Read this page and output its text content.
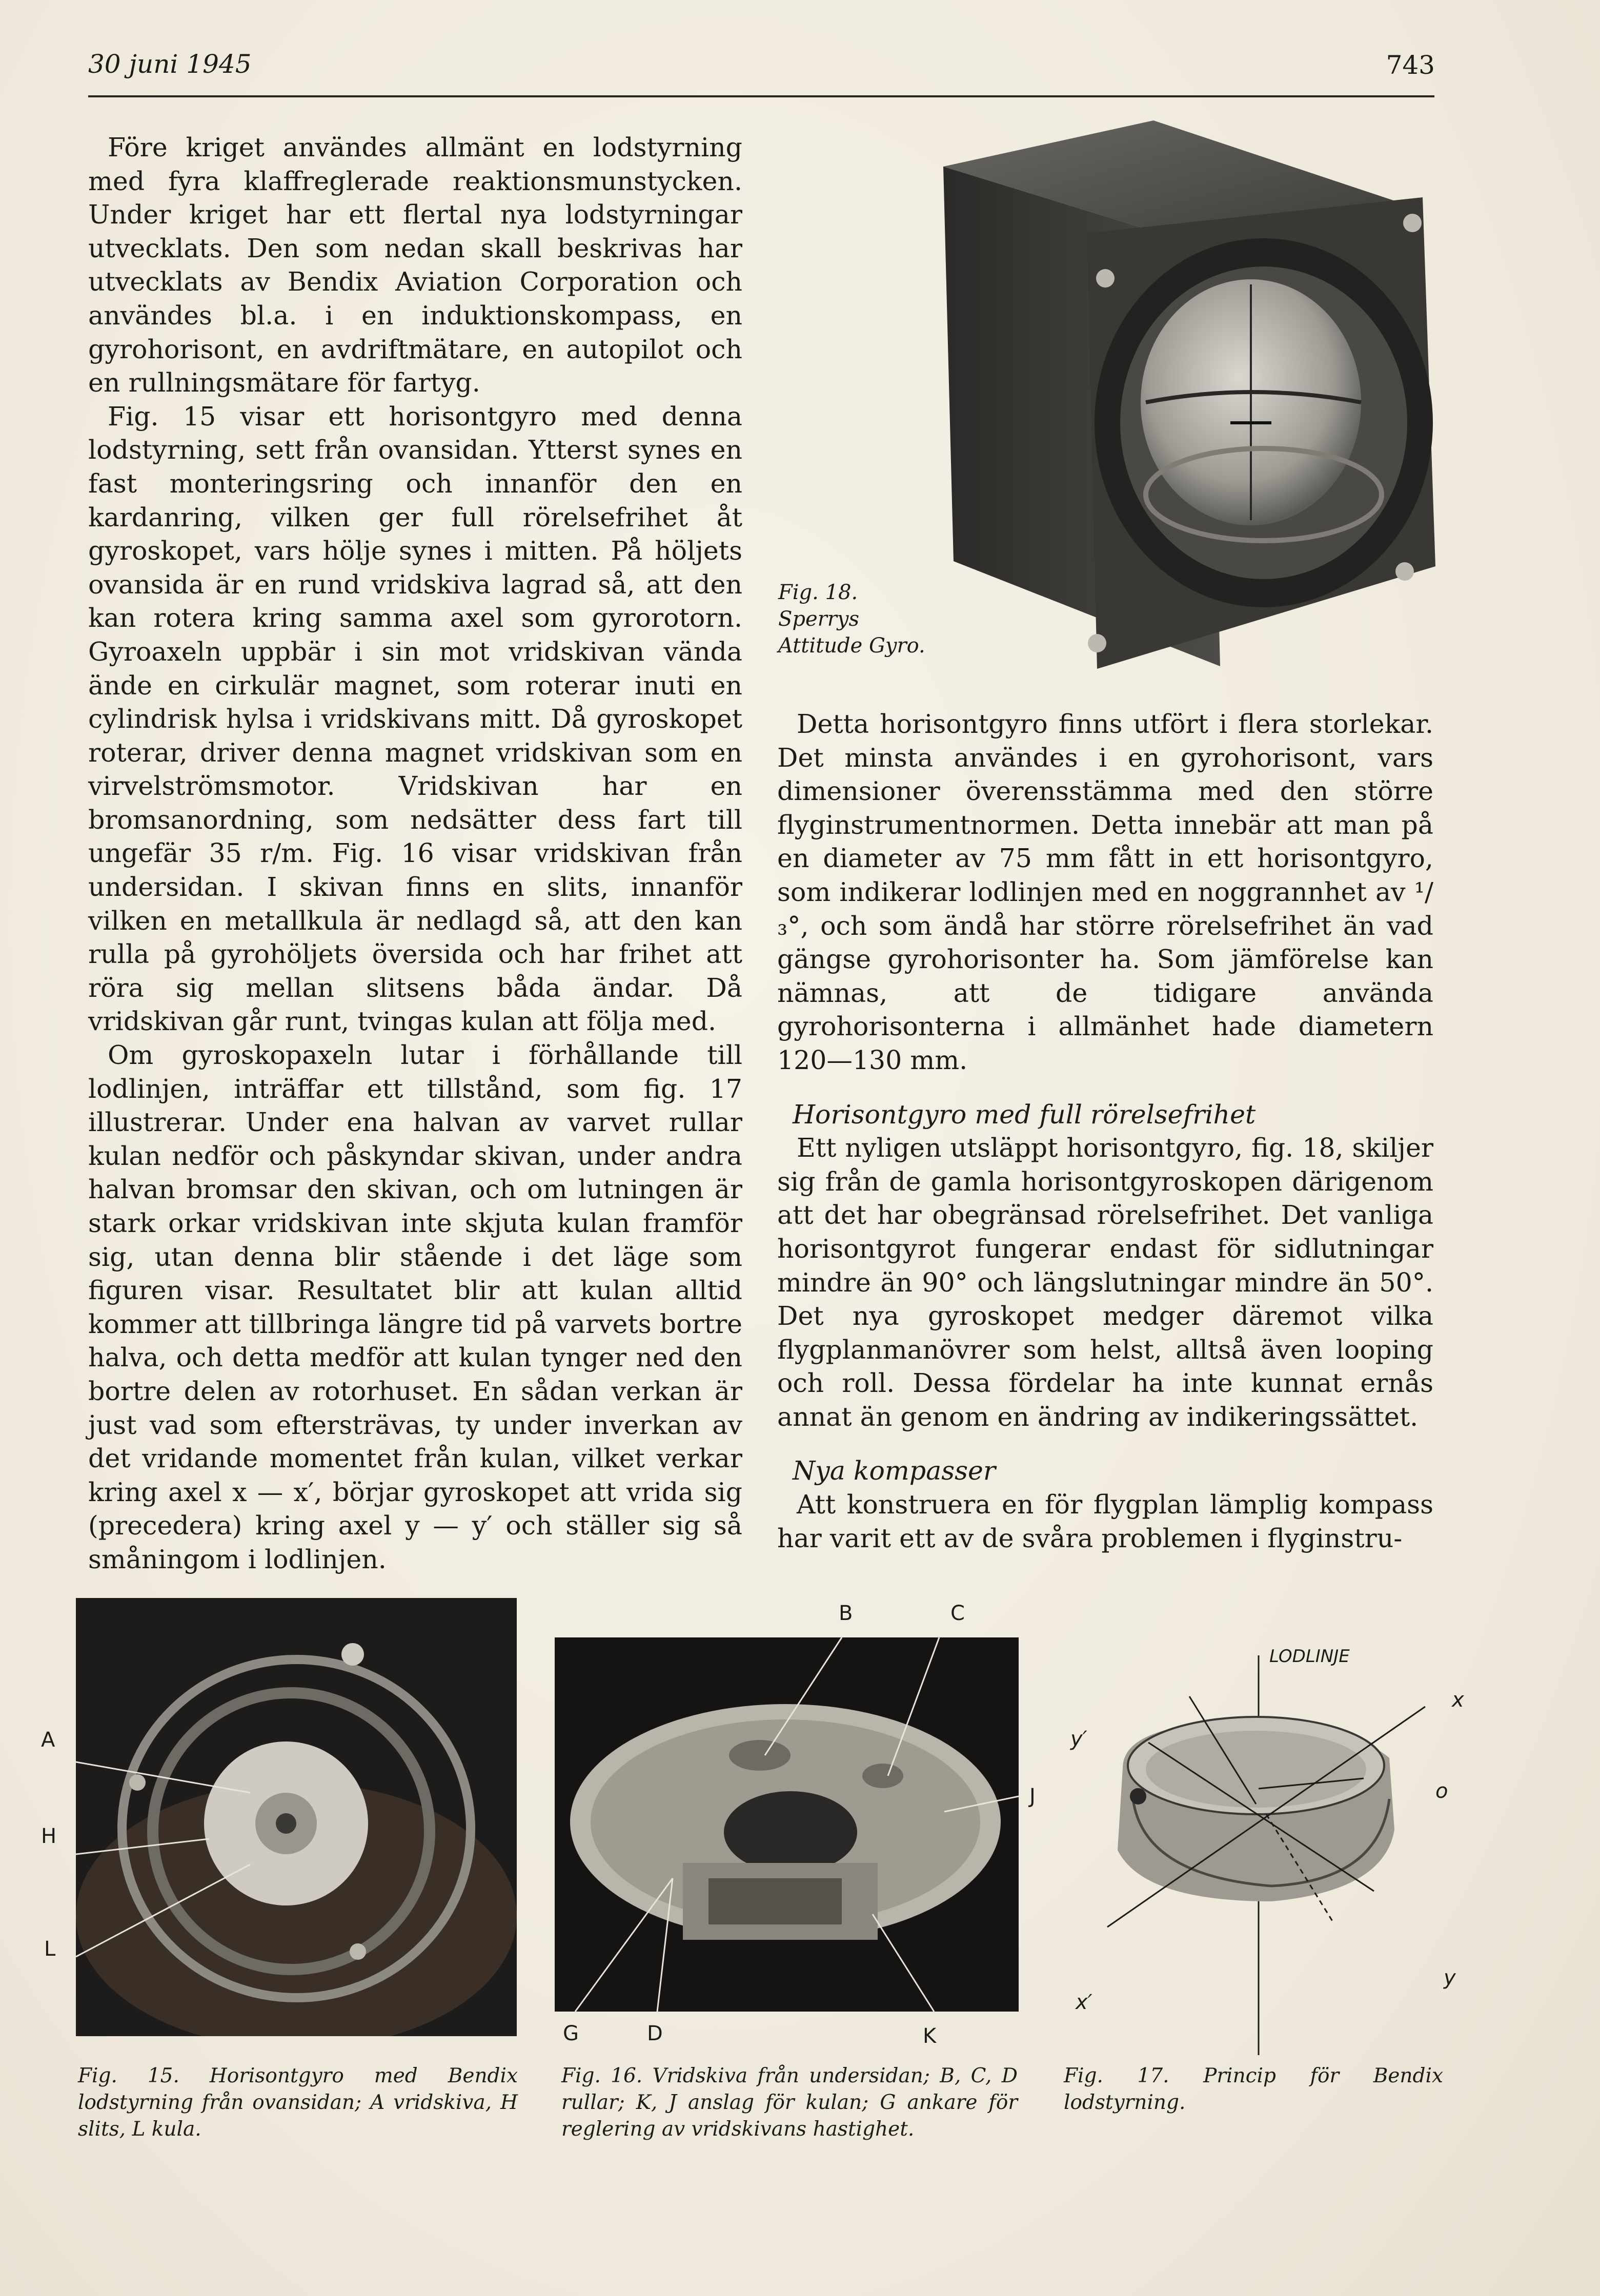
30 juni 1945	743

Före kriget användes allmänt en lodstyrning med fyra klaffreglerade reaktionsmunstycken. Under kriget har ett flertal nya lodstyrningar utvecklats. Den som nedan skall beskrivas har utvecklats av Bendix Aviation Corporation och användes bl.a. i en induktionskompass, en gyrohorisont, en avdriftmätare, en autopilot och en rullningsmätare för fartyg.

Fig. 15 visar ett horisontgyro med denna lodstyrning, sett från ovansidan. Ytterst synes en fast monteringsring och innanför den en kardanring, vilken ger full rörelsefrihet åt gyroskopet, vars hölje synes i mitten. På höljets ovansida är en rund vridskiva lagrad så, att den kan rotera kring samma axel som gyrorotorn. Gyroaxeln uppbär i sin mot vridskivan vända ände en cirkulär magnet, som roterar inuti en cylindrisk hylsa i vridskivans mitt. Då gyroskopet roterar, driver denna magnet vridskivan som en virvelströmsmotor. Vridskivan har en bromsanordning, som nedsätter dess fart till ungefär 35 r/m. Fig. 16 visar vridskivan från undersidan. I skivan finns en slits, innanför vilken en metallkula är nedlagd så, att den kan rulla på gyrohöljets översida och har frihet att röra sig mellan slitsens båda ändar. Då vridskivan går runt, tvingas kulan att följa med.

Om gyroskopaxeln lutar i förhållande till lodlinjen, inträffar ett tillstånd, som fig. 17 illustrerar. Under ena halvan av varvet rullar kulan nedför och påskyndar skivan, under andra halvan bromsar den skivan, och om lutningen är stark orkar vridskivan inte skjuta kulan framför sig, utan denna blir stående i det läge som figuren visar. Resultatet blir att kulan alltid kommer att tillbringa längre tid på varvets bortre halva, och detta medför att kulan tynger ned den bortre delen av rotorhuset. En sådan verkan är just vad som eftersträvas, ty under inverkan av det vridande momentet från kulan, vilket verkar kring axel x — x′, börjar gyroskopet att vrida sig (precedera) kring axel y — y′ och ställer sig så småningom i lodlinjen.

Fig. 18. Sperrys Attitude Gyro.

Detta horisontgyro finns utfört i flera storlekar. Det minsta användes i en gyrohorisont, vars dimensioner överensstämma med den större flyginstrumentnormen. Detta innebär att man på en diameter av 75 mm fått in ett horisontgyro, som indikerar lodlinjen med en noggrannhet av ¹/₃°, och som ändå har större rörelsefrihet än vad gängse gyrohorisonter ha. Som jämförelse kan nämnas, att de tidigare använda gyrohorisonterna i allmänhet hade diametern 120—130 mm.

Horisontgyro med full rörelsefrihet

Ett nyligen utsläppt horisontgyro, fig. 18, skiljer sig från de gamla horisontgyroskopen därigenom att det har obegränsad rörelsefrihet. Det vanliga horisontgyrot fungerar endast för sidlutningar mindre än 90° och längslutningar mindre än 50°. Det nya gyroskopet medger däremot vilka flygplanmanövrer som helst, alltså även looping och roll. Dessa fördelar ha inte kunnat ernås annat än genom en ändring av indikeringssättet.

Nya kompasser

Att konstruera en för flygplan lämplig kompass har varit ett av de svåra problemen i flyginstru-

A
H
L
Fig. 15. Horisontgyro med Bendix lodstyrning från ovansidan; A vridskiva, H slits, L kula.
B	C
J
G	D	K
Fig. 16. Vridskiva från undersidan; B, C, D rullar; K, J anslag för kulan; G ankare för reglering av vridskivans hastighet.
LODLINJE
x
y′
o
y
x′
Fig. 17. Princip för Bendix lodstyrning.
